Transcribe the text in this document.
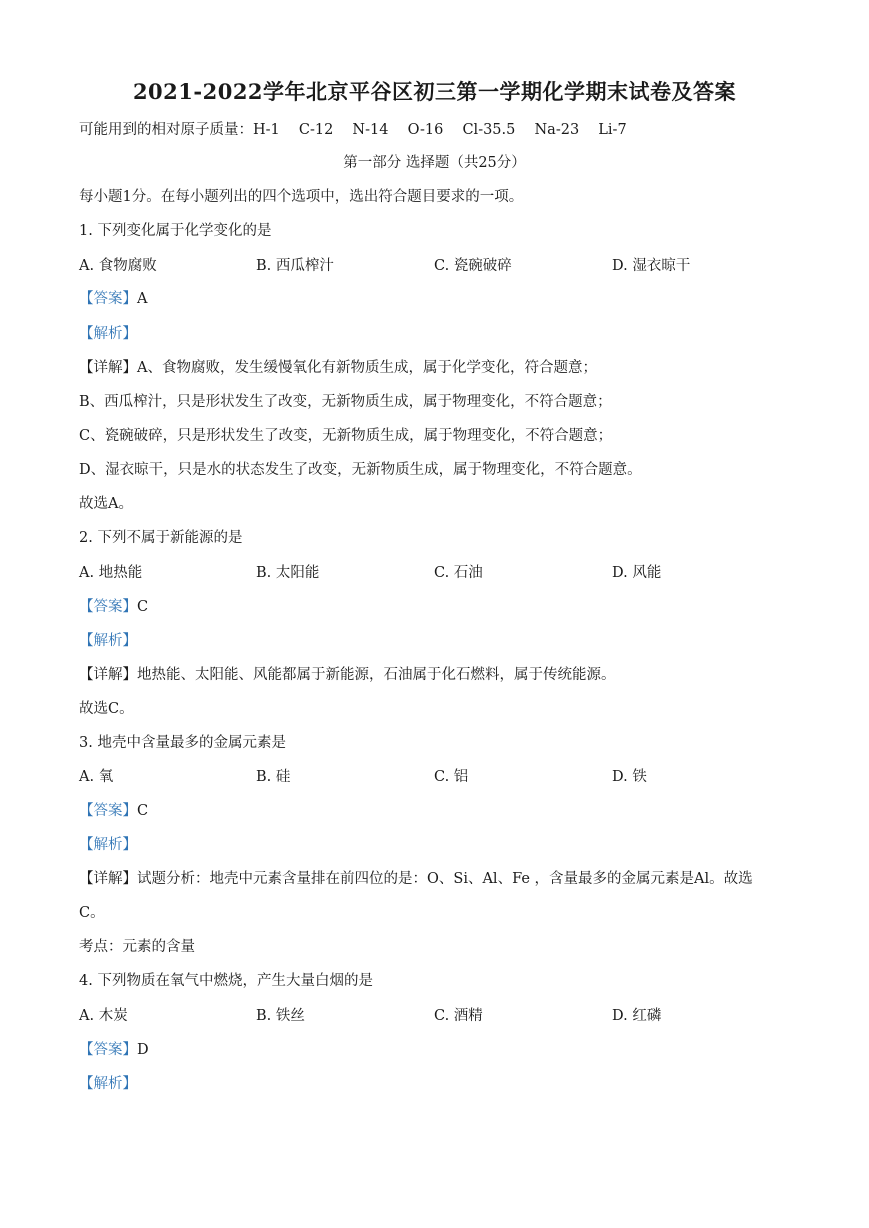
2021-2022学年北京平谷区初三第一学期化学期末试卷及答案
可能用到的相对原子质量：H-1　 C-12　 N-14　 O-16　 Cl-35.5　 Na-23　 Li-7
第一部分 选择题（共25分）
每小题1分。在每小题列出的四个选项中，选出符合题目要求的一项。
1. 下列变化属于化学变化的是
A. 食物腐败	B. 西瓜榨汁	C. 瓷碗破碎	D. 湿衣晾干
【答案】A
【解析】
【详解】A、食物腐败，发生缓慢氧化有新物质生成，属于化学变化，符合题意；
B、西瓜榨汁，只是形状发生了改变，无新物质生成，属于物理变化，不符合题意；
C、瓷碗破碎，只是形状发生了改变，无新物质生成，属于物理变化，不符合题意；
D、湿衣晾干，只是水的状态发生了改变，无新物质生成，属于物理变化，不符合题意。
故选A。
2. 下列不属于新能源的是
A. 地热能	B. 太阳能	C. 石油	D. 风能
【答案】C
【解析】
【详解】地热能、太阳能、风能都属于新能源，石油属于化石燃料，属于传统能源。
故选C。
3. 地壳中含量最多的金属元素是
A. 氧	B. 硅	C. 铝	D. 铁
【答案】C
【解析】
【详解】试题分析：地壳中元素含量排在前四位的是：O、Si、Al、Fe ，含量最多的金属元素是Al。故选
C。
考点：元素的含量
4. 下列物质在氧气中燃烧，产生大量白烟的是
A. 木炭	B. 铁丝	C. 酒精	D. 红磷
【答案】D
【解析】
